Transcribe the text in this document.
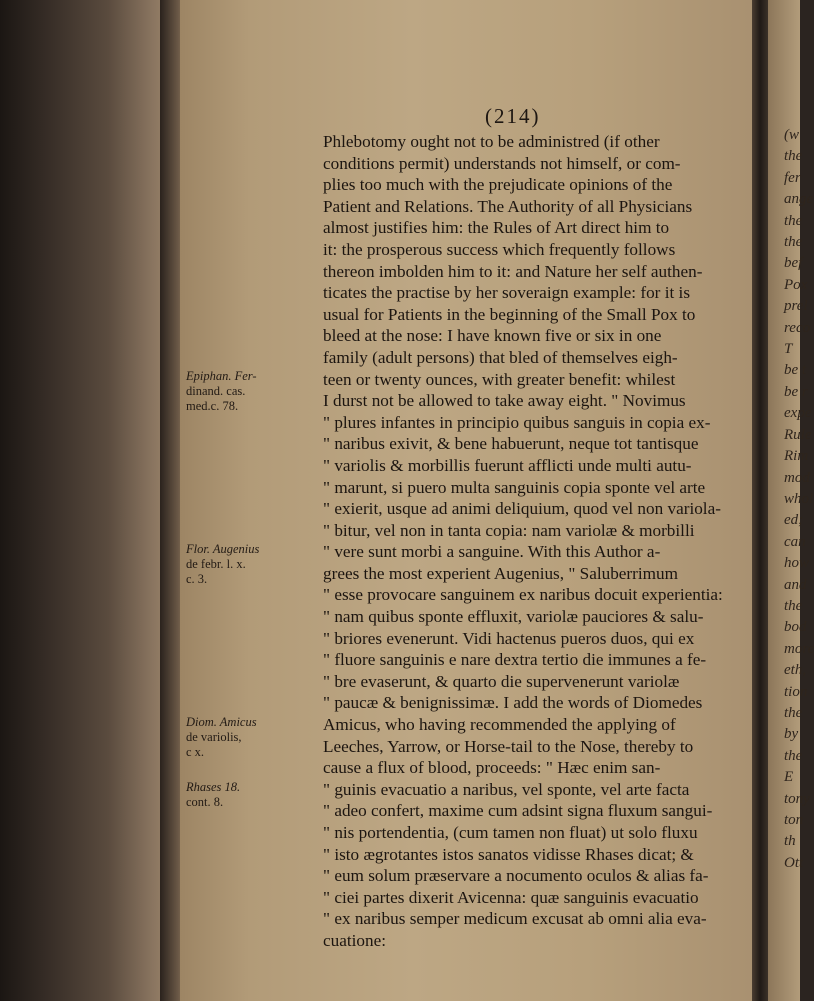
(w
the
fer
ange
the
the
bef
Pox
prel
reco
T
be t
be r
expe
Rule
Rim
mod
whol
ed;
can
how
and
the
bod
more
eth,
tion
the
by
the
E
tony
ton
th
Ott
(214)
Epiphan. Fer-
dinand. cas.
med.c. 78.
Flor. Augenius
de febr. l. x.
c. 3.
Diom. Amicus
de variolis,
c x.
Rhases 18.
cont. 8.
Phlebotomy ought not to be administred (if other
conditions permit) understands not himself, or com-
plies too much with the prejudicate opinions of the
Patient and Relations. The Authority of all Physicians
almost justifies him: the Rules of Art direct him to
it: the prosperous success which frequently follows
thereon imbolden him to it: and Nature her self authen-
ticates the practise by her soveraign example: for it is
usual for Patients in the beginning of the Small Pox to
bleed at the nose: I have known five or six in one
family (adult persons) that bled of themselves eigh-
teen or twenty ounces, with greater benefit: whilest
I durst not be allowed to take away eight. " Novimus
" plures infantes in principio quibus sanguis in copia ex-
" naribus exivit, & bene habuerunt, neque tot tantisque
" variolis & morbillis fuerunt afflicti unde multi autu-
" marunt, si puero multa sanguinis copia sponte vel arte
" exierit, usque ad animi deliquium, quod vel non variola-
" bitur, vel non in tanta copia: nam variolæ & morbilli
" vere sunt morbi a sanguine. With this Author a-
grees the most experient Augenius, " Saluberrimum
" esse provocare sanguinem ex naribus docuit experientia:
" nam quibus sponte effluxit, variolæ pauciores & salu-
" briores evenerunt. Vidi hactenus pueros duos, qui ex
" fluore sanguinis e nare dextra tertio die immunes a fe-
" bre evaserunt, & quarto die supervenerunt variolæ
" paucæ & benignissimæ. I add the words of Diomedes
Amicus, who having recommended the applying of
Leeches, Yarrow, or Horse-tail to the Nose, thereby to
cause a flux of blood, proceeds: " Hæc enim san-
" guinis evacuatio a naribus, vel sponte, vel arte facta
" adeo confert, maxime cum adsint signa fluxum sangui-
" nis portendentia, (cum tamen non fluat) ut solo fluxu
" isto ægrotantes istos sanatos vidisse Rhases dicat; &
" eum solum præservare a nocumento oculos & alias fa-
" ciei partes dixerit Avicenna: quæ sanguinis evacuatio
" ex naribus semper medicum excusat ab omni alia eva-
cuatione:
